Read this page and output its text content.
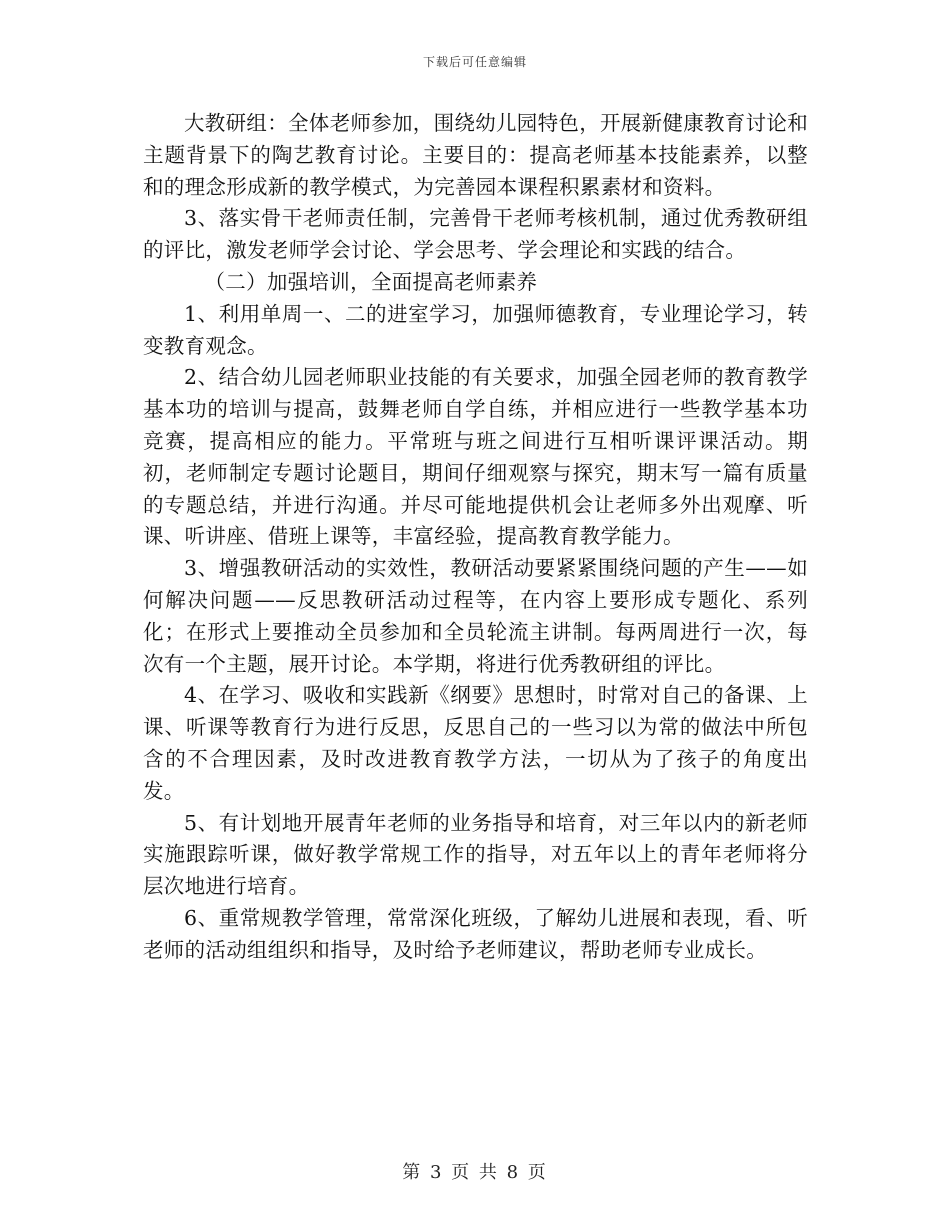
下载后可任意编辑

大教研组：全体老师参加，围绕幼儿园特色，开展新健康教育讨论和主题背景下的陶艺教育讨论。主要目的：提高老师基本技能素养，以整和的理念形成新的教学模式，为完善园本课程积累素材和资料。

3、落实骨干老师责任制，完善骨干老师考核机制，通过优秀教研组的评比，激发老师学会讨论、学会思考、学会理论和实践的结合。

（二）加强培训，全面提高老师素养

1、利用单周一、二的进室学习，加强师德教育，专业理论学习，转变教育观念。

2、结合幼儿园老师职业技能的有关要求，加强全园老师的教育教学基本功的培训与提高，鼓舞老师自学自练，并相应进行一些教学基本功竞赛，提高相应的能力。平常班与班之间进行互相听课评课活动。期初，老师制定专题讨论题目，期间仔细观察与探究，期末写一篇有质量的专题总结，并进行沟通。并尽可能地提供机会让老师多外出观摩、听课、听讲座、借班上课等，丰富经验，提高教育教学能力。

3、增强教研活动的实效性，教研活动要紧紧围绕问题的产生——如何解决问题——反思教研活动过程等，在内容上要形成专题化、系列化；在形式上要推动全员参加和全员轮流主讲制。每两周进行一次，每次有一个主题，展开讨论。本学期，将进行优秀教研组的评比。

4、在学习、吸收和实践新《纲要》思想时，时常对自己的备课、上课、听课等教育行为进行反思，反思自己的一些习以为常的做法中所包含的不合理因素，及时改进教育教学方法，一切从为了孩子的角度出发。

5、有计划地开展青年老师的业务指导和培育，对三年以内的新老师实施跟踪听课，做好教学常规工作的指导，对五年以上的青年老师将分层次地进行培育。

6、重常规教学管理，常常深化班级，了解幼儿进展和表现，看、听老师的活动组组织和指导，及时给予老师建议，帮助老师专业成长。

第 3 页 共 8 页
